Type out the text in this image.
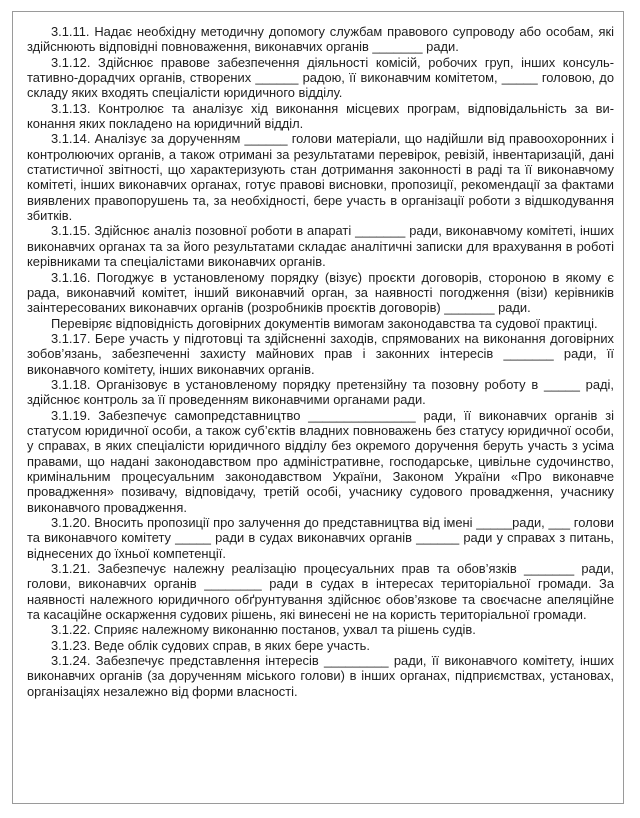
3.1.11. Надає необхідну методичну допомогу службам правового супроводу або особам, які здійснюють відповідні повноваження, виконавчих органів _______ ради.

3.1.12. Здійснює правове забезпечення діяльності комісій, робочих груп, інших консультативно-дорадчих органів, створених ______ радою, її виконавчим комітетом, _____ головою, до складу яких входять спеціалісти юридичного відділу.

3.1.13. Контролює та аналізує хід виконання місцевих програм, відповідальність за виконання яких покладено на юридичний відділ.

3.1.14. Аналізує за дорученням ______ голови матеріали, що надійшли від правоохоронних і контролюючих органів, а також отримані за результатами перевірок, ревізій, інвентаризацій, дані статистичної звітності, що характеризують стан дотримання законності в раді та її виконавчому комітеті, інших виконавчих органах, готує правові висновки, пропозиції, рекомендації за фактами виявлених правопорушень та, за необхідності, бере участь в організації роботи з відшкодування збитків.

3.1.15. Здійснює аналіз позовної роботи в апараті _______ ради, виконавчому комітеті, інших виконавчих органах та за його результатами складає аналітичні записки для врахування в роботі керівниками та спеціалістами виконавчих органів.

3.1.16. Погоджує в установленому порядку (візує) проєкти договорів, стороною в якому є рада, виконавчий комітет, інший виконавчий орган, за наявності погодження (візи) керівників заінтересованих виконавчих органів (розробників проєктів договорів) _______ ради.

Перевіряє відповідність договірних документів вимогам законодавства та судової практиці.

3.1.17. Бере участь у підготовці та здійсненні заходів, спрямованих на виконання договірних зобов’язань, забезпеченні захисту майнових прав і законних інтересів _______ ради, її виконавчого комітету, інших виконавчих органів.

3.1.18. Організовує в установленому порядку претензійну та позовну роботу в _____ раді, здійснює контроль за її проведенням виконавчими органами ради.

3.1.19. Забезпечує самопредставництво _______________ ради, її виконавчих органів зі статусом юридичної особи, а також суб’єктів владних повноважень без статусу юридичної особи, у справах, в яких спеціалісти юридичного відділу без окремого доручення беруть участь з усіма правами, що надані законодавством про адміністративне, господарське, цивільне судочинство, кримінальним процесуальним законодавством України, Законом України «Про виконавче провадження» позивачу, відповідачу, третій особі, учаснику судового провадження, учаснику виконавчого провадження.

3.1.20. Вносить пропозиції про залучення до представництва від імені _____ради, ___ голови та виконавчого комітету _____ ради в судах виконавчих органів ______ ради у справах з питань, віднесених до їхньої компетенції.

3.1.21. Забезпечує належну реалізацію процесуальних прав та обов’язків _______ ради, голови, виконавчих органів ________ ради в судах в інтересах територіальної громади. За наявності належного юридичного обґрунтування здійснює обов’язкове та своєчасне апеляційне та касаційне оскарження судових рішень, які винесені не на користь територіальної громади.

3.1.22. Сприяє належному виконанню постанов, ухвал та рішень судів.

3.1.23. Веде облік судових справ, в яких бере участь.

3.1.24. Забезпечує представлення інтересів _________ ради, її виконавчого комітету, інших виконавчих органів (за дорученням міського голови) в інших органах, підприємствах, установах, організаціях незалежно від форми власності.
